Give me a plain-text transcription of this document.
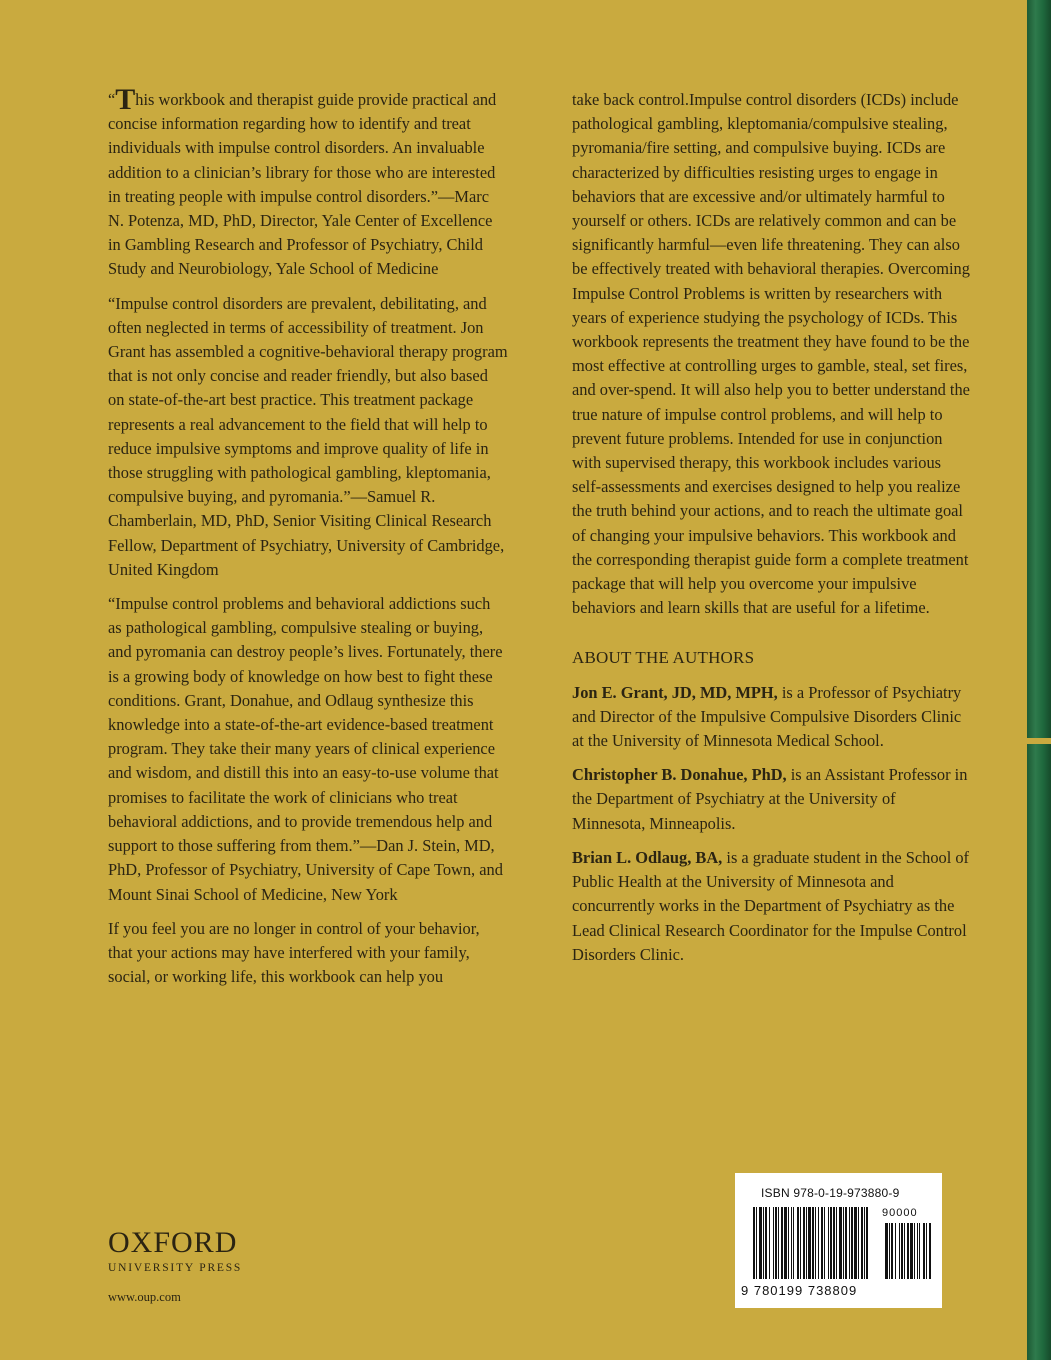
“This workbook and therapist guide provide practical and concise information regarding how to identify and treat individuals with impulse control disorders. An invaluable addition to a clinician’s library for those who are interested in treating people with impulse control disorders.”—Marc N. Potenza, MD, PhD, Director, Yale Center of Excellence in Gambling Research and Professor of Psychiatry, Child Study and Neurobiology, Yale School of Medicine

“Impulse control disorders are prevalent, debilitating, and often neglected in terms of accessibility of treatment. Jon Grant has assembled a cognitive-behavioral therapy program that is not only concise and reader friendly, but also based on state-of-the-art best practice. This treatment package represents a real advancement to the field that will help to reduce impulsive symptoms and improve quality of life in those struggling with pathological gambling, kleptomania, compulsive buying, and pyromania.”—Samuel R. Chamberlain, MD, PhD, Senior Visiting Clinical Research Fellow, Department of Psychiatry, University of Cambridge, United Kingdom

“Impulse control problems and behavioral addictions such as pathological gambling, compulsive stealing or buying, and pyromania can destroy people’s lives. Fortunately, there is a growing body of knowledge on how best to fight these conditions. Grant, Donahue, and Odlaug synthesize this knowledge into a state-of-the-art evidence-based treatment program. They take their many years of clinical experience and wisdom, and distill this into an easy-to-use volume that promises to facilitate the work of clinicians who treat behavioral addictions, and to provide tremendous help and support to those suffering from them.”—Dan J. Stein, MD, PhD, Professor of Psychiatry, University of Cape Town, and Mount Sinai School of Medicine, New York

If you feel you are no longer in control of your behavior, that your actions may have interfered with your family, social, or working life, this workbook can help you

take back control.Impulse control disorders (ICDs) include pathological gambling, kleptomania/compulsive stealing, pyromania/fire setting, and compulsive buying. ICDs are characterized by difficulties resisting urges to engage in behaviors that are excessive and/or ultimately harmful to yourself or others. ICDs are relatively common and can be significantly harmful—even life threatening. They can also be effectively treated with behavioral therapies. Overcoming Impulse Control Problems is written by researchers with years of experience studying the psychology of ICDs. This workbook represents the treatment they have found to be the most effective at controlling urges to gamble, steal, set fires, and over-spend. It will also help you to better understand the true nature of impulse control problems, and will help to prevent future problems. Intended for use in conjunction with supervised therapy, this workbook includes various self-assessments and exercises designed to help you realize the truth behind your actions, and to reach the ultimate goal of changing your impulsive behaviors. This workbook and the corresponding therapist guide form a complete treatment package that will help you overcome your impulsive behaviors and learn skills that are useful for a lifetime.

ABOUT THE AUTHORS

Jon E. Grant, JD, MD, MPH, is a Professor of Psychiatry and Director of the Impulsive Compulsive Disorders Clinic at the University of Minnesota Medical School.

Christopher B. Donahue, PhD, is an Assistant Professor in the Department of Psychiatry at the University of Minnesota, Minneapolis.

Brian L. Odlaug, BA, is a graduate student in the School of Public Health at the University of Minnesota and concurrently works in the Department of Psychiatry as the Lead Clinical Research Coordinator for the Impulse Control Disorders Clinic.

OXFORD
UNIVERSITY PRESS
www.oup.com
ISBN 978-0-19-973880-9
90000
9 780199 738809
